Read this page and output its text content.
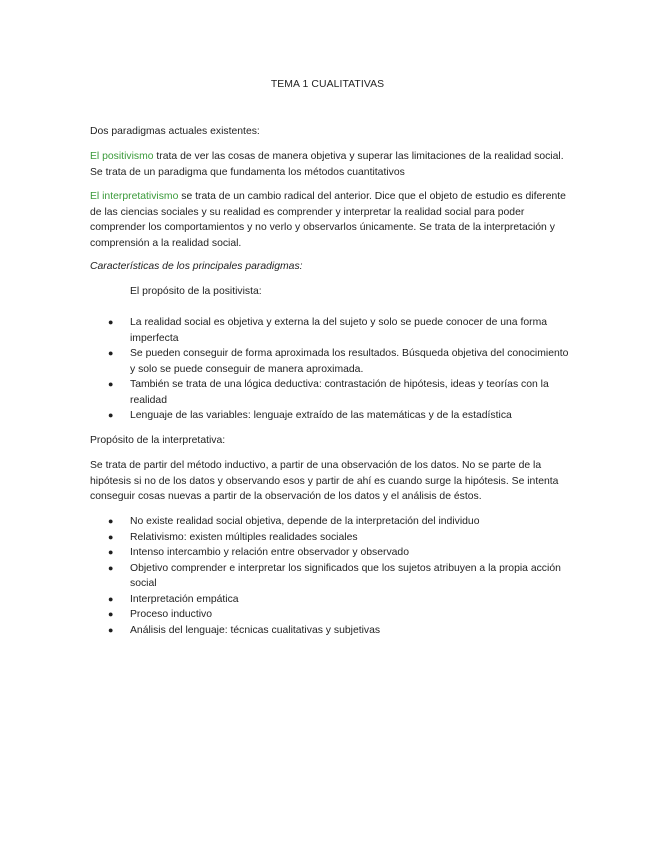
TEMA 1 CUALITATIVAS
Dos paradigmas actuales existentes:
El positivismo trata de ver las cosas de manera objetiva y superar las limitaciones de la realidad social. Se trata de un paradigma que fundamenta los métodos cuantitativos
El interpretativismo se trata de un cambio radical del anterior. Dice que el objeto de estudio es diferente de las ciencias sociales y su realidad es comprender y interpretar la realidad social para poder comprender los comportamientos y no verlo y observarlos únicamente. Se trata de la interpretación y comprensión a la realidad social.
Características de los principales paradigmas:
El propósito de la positivista:
●	La realidad social es objetiva y externa la del sujeto y solo se puede conocer de una forma imperfecta
●	Se pueden conseguir de forma aproximada los resultados. Búsqueda objetiva del conocimiento y solo se puede conseguir de manera aproximada.
●	También se trata de una lógica deductiva: contrastación de hipótesis, ideas y teorías con la realidad
●	Lenguaje de las variables: lenguaje extraído de las matemáticas y de la estadística
Propósito de la interpretativa:
Se trata de partir del método inductivo, a partir de una observación de los datos. No se parte de la hipótesis si no de los datos y observando esos y partir de ahí es cuando surge la hipótesis. Se intenta conseguir cosas nuevas a partir de la observación de los datos y el análisis de éstos.
●	No existe realidad social objetiva, depende de la interpretación del individuo
●	Relativismo: existen múltiples realidades sociales
●	Intenso intercambio y relación entre observador y observado
●	Objetivo comprender e interpretar los significados que los sujetos atribuyen a la propia acción social
●	Interpretación empática
●	Proceso inductivo
●	Análisis del lenguaje: técnicas cualitativas y subjetivas
